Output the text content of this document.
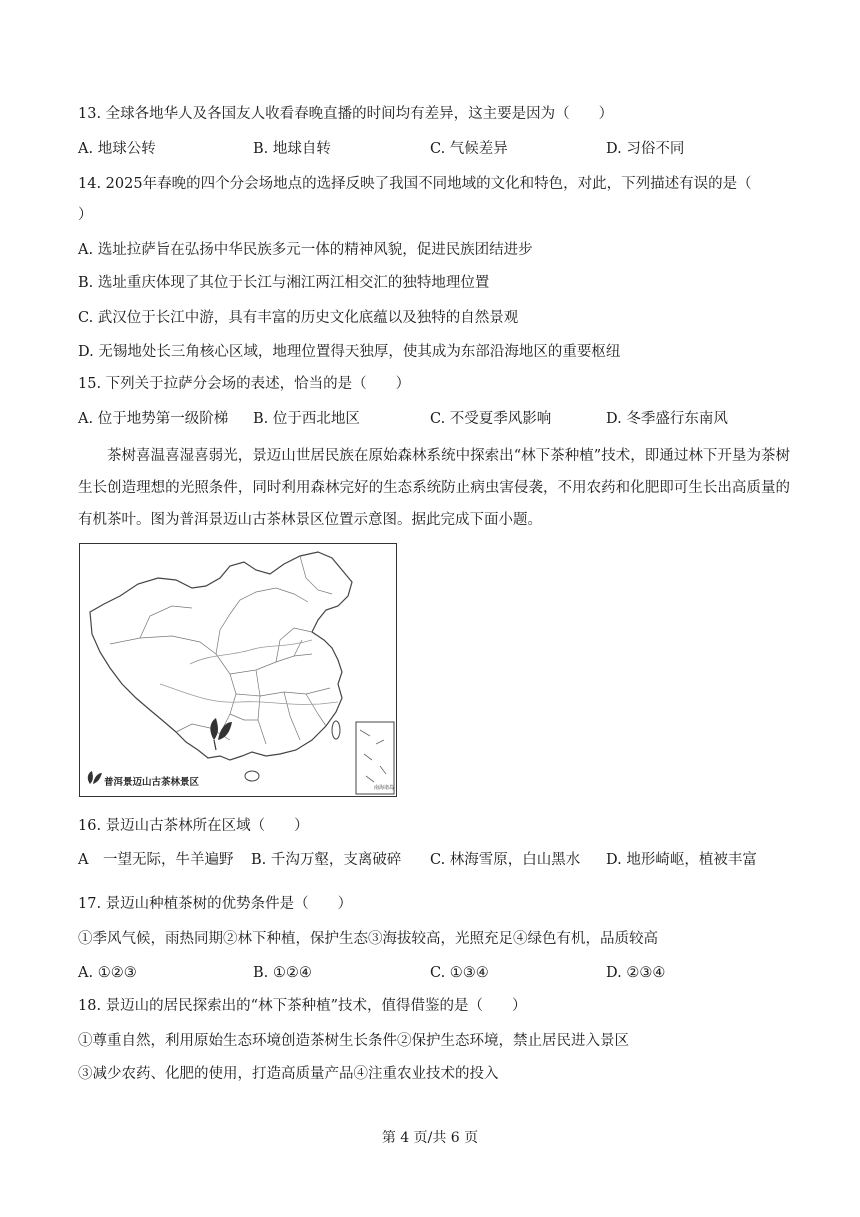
13. 全球各地华人及各国友人收看春晚直播的时间均有差异，这主要是因为（　　）
A. 地球公转	B. 地球自转	C. 气候差异	D. 习俗不同
14. 2025年春晚的四个分会场地点的选择反映了我国不同地域的文化和特色，对此，下列描述有误的是（
）
A. 选址拉萨旨在弘扬中华民族多元一体的精神风貌，促进民族团结进步
B. 选址重庆体现了其位于长江与湘江两江相交汇的独特地理位置
C. 武汉位于长江中游，具有丰富的历史文化底蕴以及独特的自然景观
D. 无锡地处长三角核心区域，地理位置得天独厚，使其成为东部沿海地区的重要枢纽
15. 下列关于拉萨分会场的表述，恰当的是（　　）
A. 位于地势第一级阶梯 B. 位于西北地区	C. 不受夏季风影响	D. 冬季盛行东南风
茶树喜温喜湿喜弱光，景迈山世居民族在原始森林系统中探索出“林下茶种植”技术，即通过林下开垦为茶树生长创造理想的光照条件，同时利用森林完好的生态系统防止病虫害侵袭，不用农药和化肥即可生长出高质量的有机茶叶。图为普洱景迈山古茶林景区位置示意图。据此完成下面小题。
普洱景迈山古茶林景区	南海诸岛
16. 景迈山古茶林所在区域（　　）
A　一望无际，牛羊遍野 B. 千沟万壑，支离破碎 C. 林海雪原，白山黑水 D. 地形崎岖，植被丰富
17. 景迈山种植茶树的优势条件是（　　）
①季风气候，雨热同期②林下种植，保护生态③海拔较高，光照充足④绿色有机，品质较高
A. ①②③	B. ①②④	C. ①③④	D. ②③④
18. 景迈山的居民探索出的“林下茶种植”技术，值得借鉴的是（　　）
①尊重自然，利用原始生态环境创造茶树生长条件②保护生态环境，禁止居民进入景区
③减少农药、化肥的使用，打造高质量产品④注重农业技术的投入
第 4 页/共 6 页
